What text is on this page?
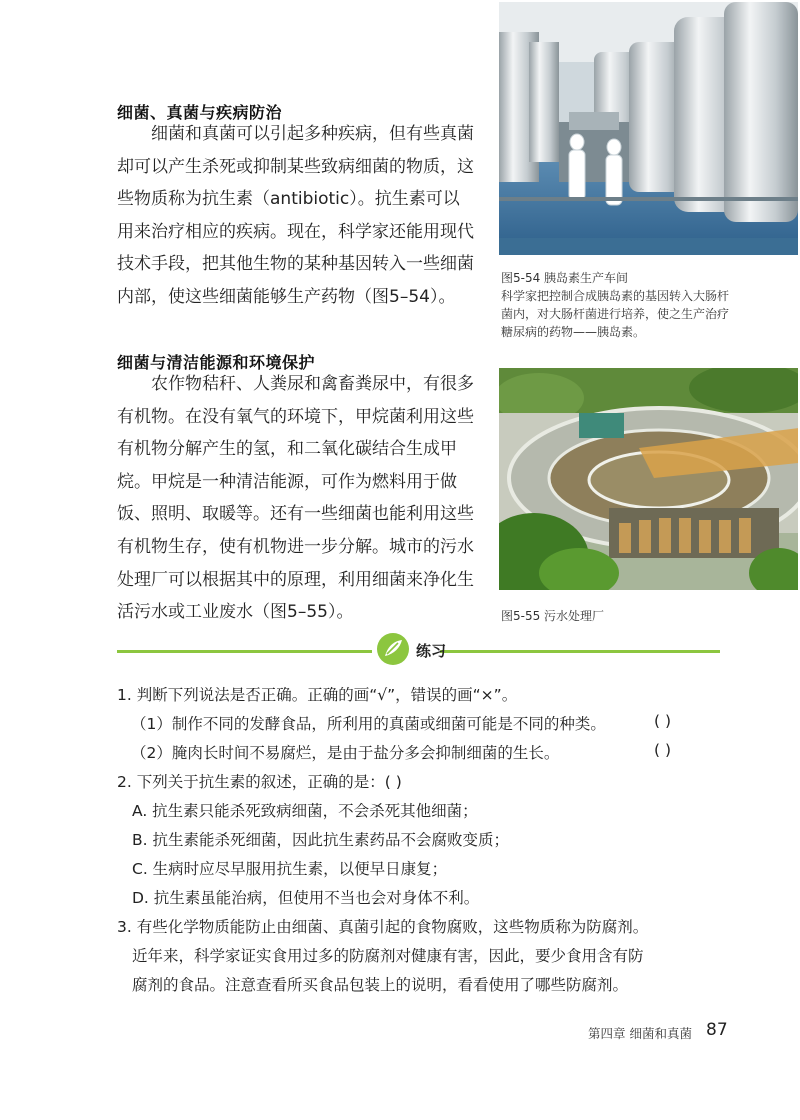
细菌、真菌与疾病防治

细菌和真菌可以引起多种疾病，但有些真菌却可以产生杀死或抑制某些致病细菌的物质，这些物质称为抗生素（antibiotic）。抗生素可以用来治疗相应的疾病。现在，科学家还能用现代技术手段，把其他生物的某种基因转入一些细菌内部，使这些细菌能够生产药物（图5–54）。

图5-54 胰岛素生产车间
科学家把控制合成胰岛素的基因转入大肠杆菌内，对大肠杆菌进行培养，使之生产治疗糖尿病的药物——胰岛素。
细菌与清洁能源和环境保护

农作物秸秆、人粪尿和禽畜粪尿中，有很多有机物。在没有氧气的环境下，甲烷菌利用这些有机物分解产生的氢，和二氧化碳结合生成甲烷。甲烷是一种清洁能源，可作为燃料用于做饭、照明、取暖等。还有一些细菌也能利用这些有机物生存，使有机物进一步分解。城市的污水处理厂可以根据其中的原理，利用细菌来净化生活污水或工业废水（图5–55）。	图5-55 污水处理厂
练习
1. 判断下列说法是否正确。正确的画“√”，错误的画“×”。
（1）制作不同的发酵食品，所利用的真菌或细菌可能是不同的种类。	( )
（2）腌肉长时间不易腐烂，是由于盐分多会抑制细菌的生长。	( )
2. 下列关于抗生素的叙述，正确的是：( )
A. 抗生素只能杀死致病细菌，不会杀死其他细菌；
B. 抗生素能杀死细菌，因此抗生素药品不会腐败变质；
C. 生病时应尽早服用抗生素，以便早日康复；
D. 抗生素虽能治病，但使用不当也会对身体不利。
3. 有些化学物质能防止由细菌、真菌引起的食物腐败，这些物质称为防腐剂。
近年来，科学家证实食用过多的防腐剂对健康有害，因此，要少食用含有防
腐剂的食品。注意查看所买食品包装上的说明，看看使用了哪些防腐剂。
第四章 细菌和真菌 87
